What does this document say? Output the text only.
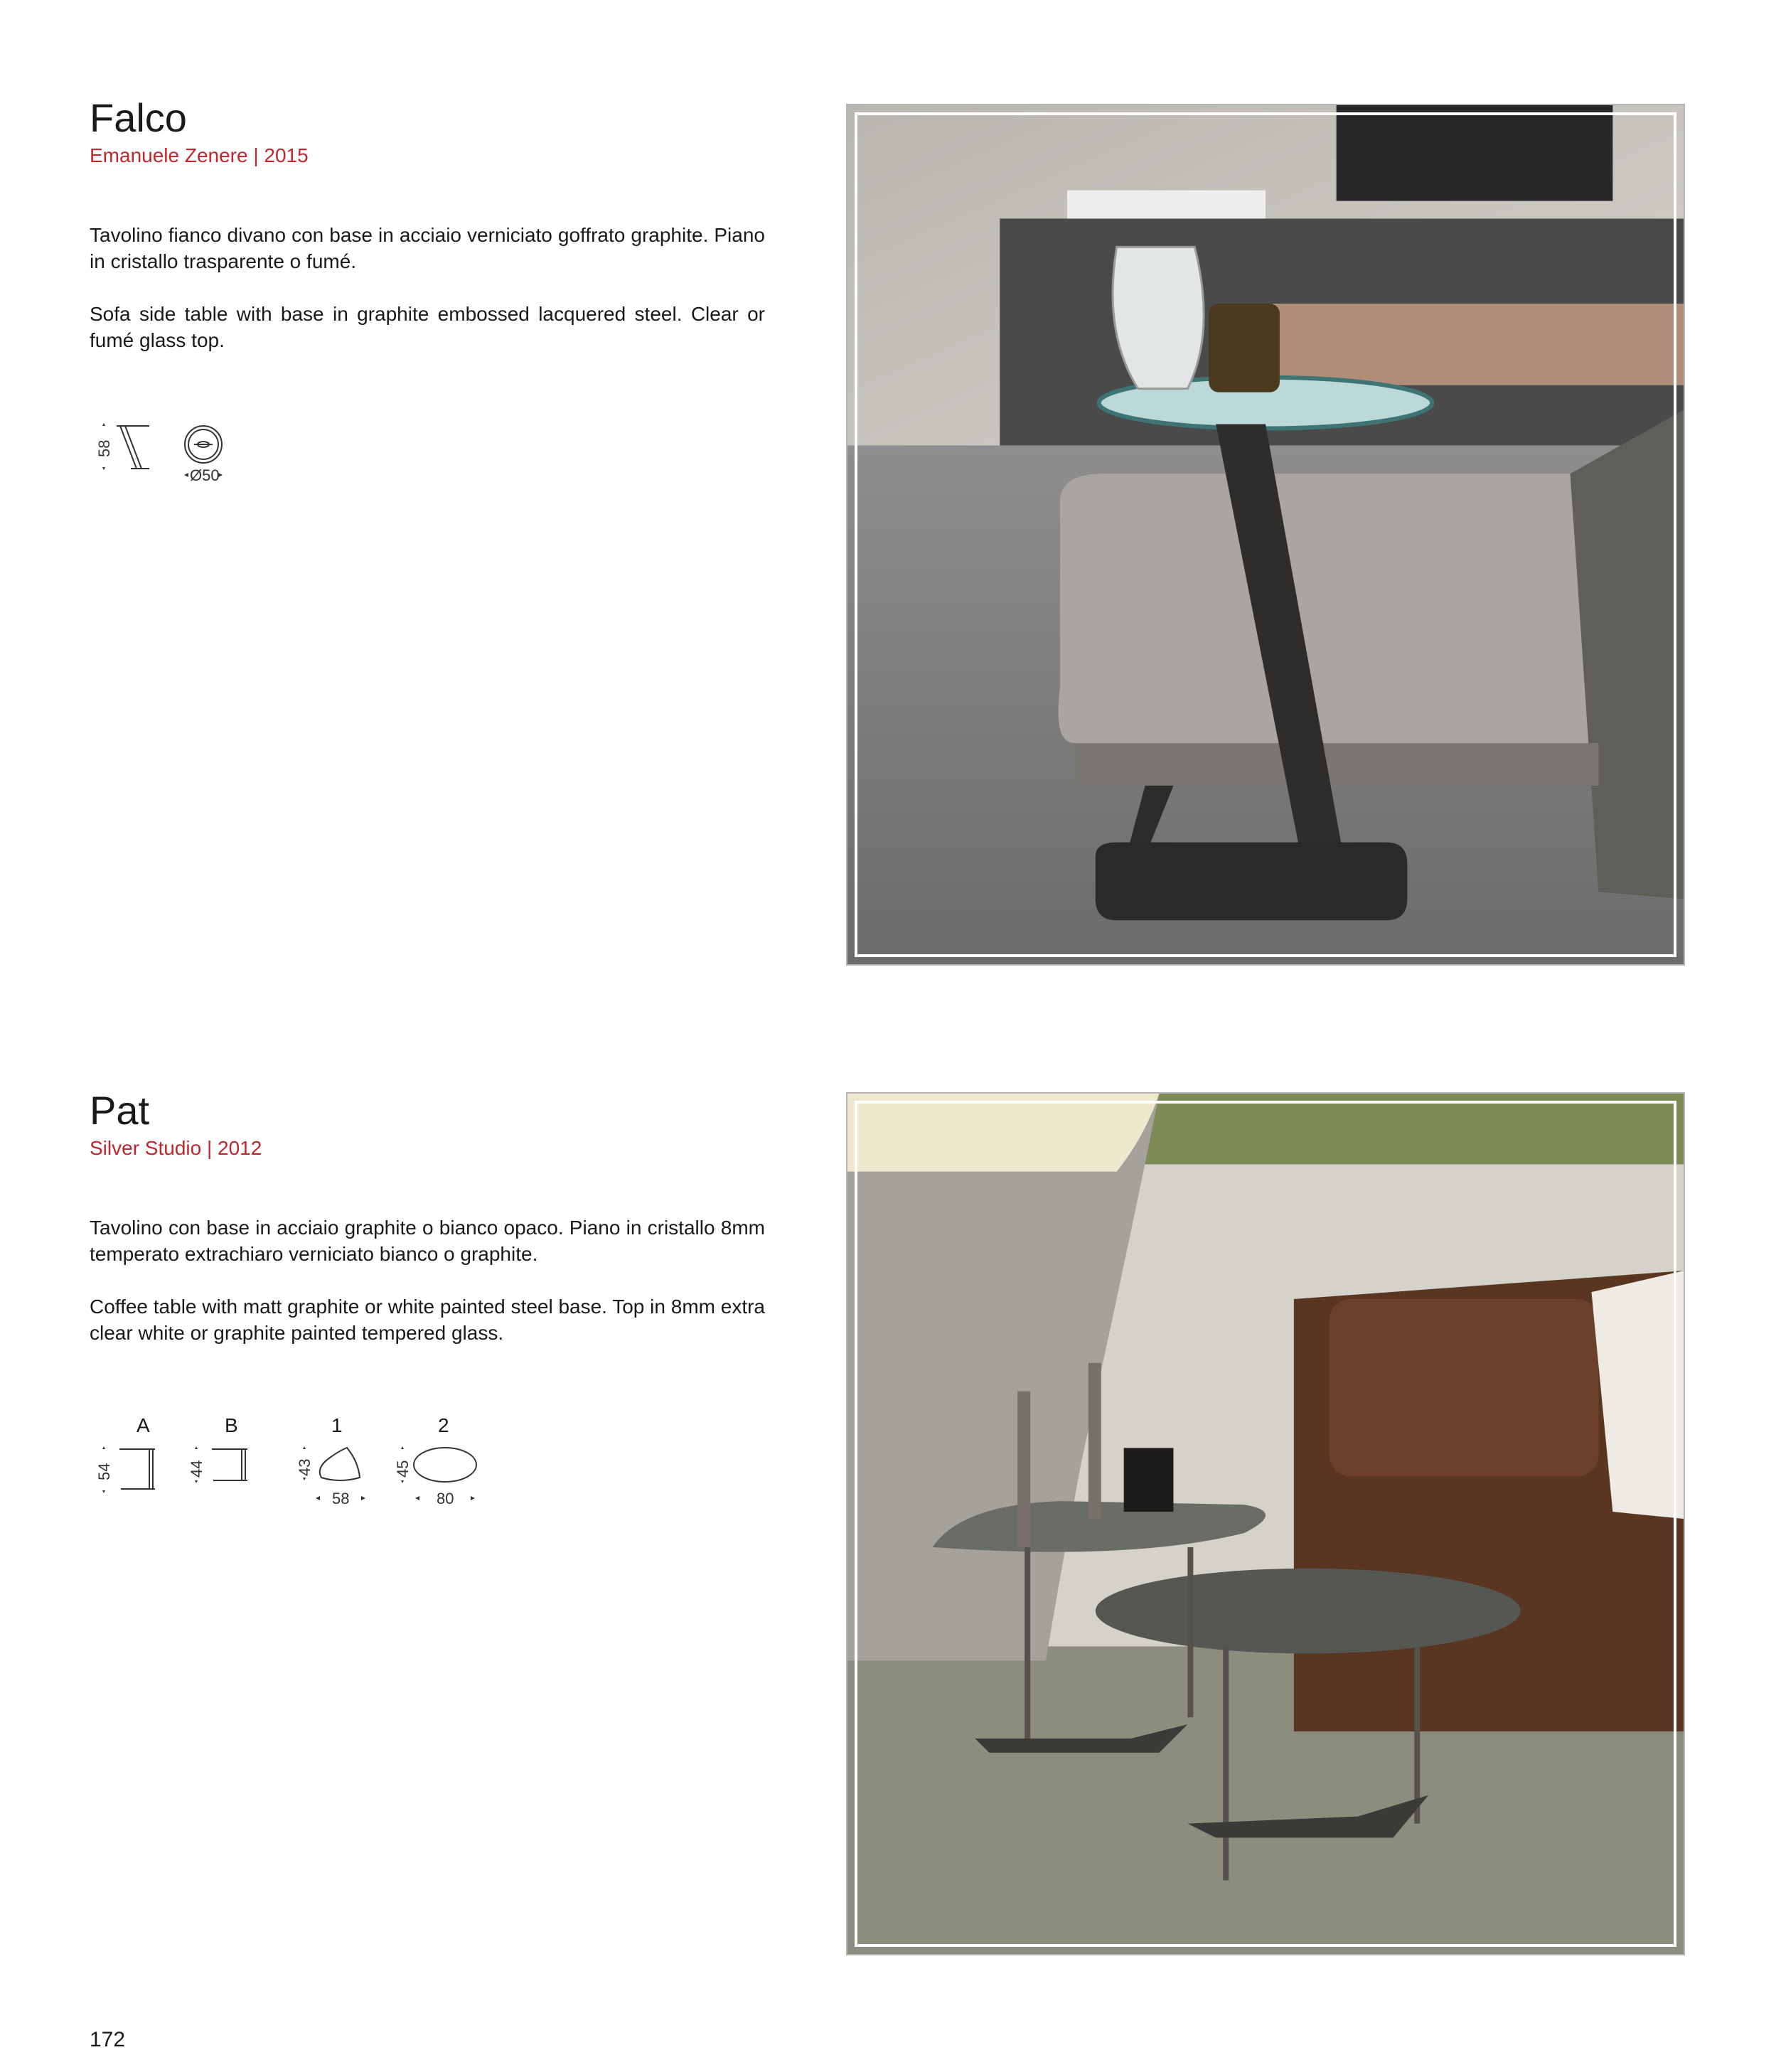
Falco
Emanuele Zenere | 2015

Tavolino fianco divano con base in acciaio verniciato goffrato graphite. Piano in cristallo trasparente o fumé.

Sofa side table with base in graphite embossed lacquered steel. Clear or fumé glass top.

58
Ø50
Pat
Silver Studio | 2012

Tavolino con base in acciaio graphite o bianco opaco. Piano in cristallo 8mm temperato extrachiaro verniciato bianco o graphite.

Coffee table with matt graphite or white painted steel base. Top in 8mm extra clear white or graphite painted tempered glass.

A
54
B
44
1
43
58
2
45
80
172
